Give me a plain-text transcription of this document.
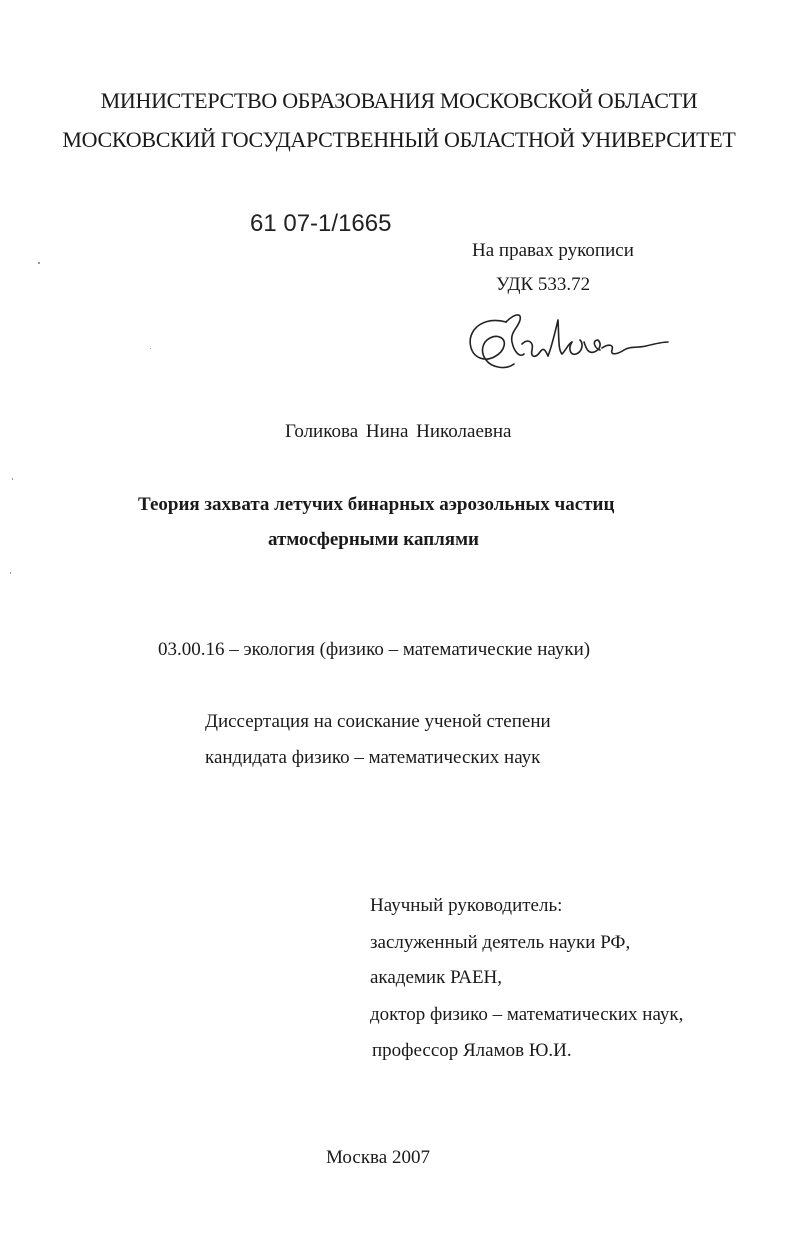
МИНИСТЕРСТВО ОБРАЗОВАНИЯ МОСКОВСКОЙ ОБЛАСТИ
МОСКОВСКИЙ ГОСУДАРСТВЕННЫЙ ОБЛАСТНОЙ УНИВЕРСИТЕТ
61 07-1/1665
На правах рукописи
УДК 533.72
Голикова Нина Николаевна
Теория захвата летучих бинарных аэрозольных частиц
атмосферными каплями
03.00.16 – экология (физико – математические науки)
Диссертация на соискание ученой степени
кандидата физико – математических наук
Научный руководитель:
заслуженный деятель науки РФ,
академик РАЕН,
доктор физико – математических наук,
профессор Яламов Ю.И.
Москва 2007
